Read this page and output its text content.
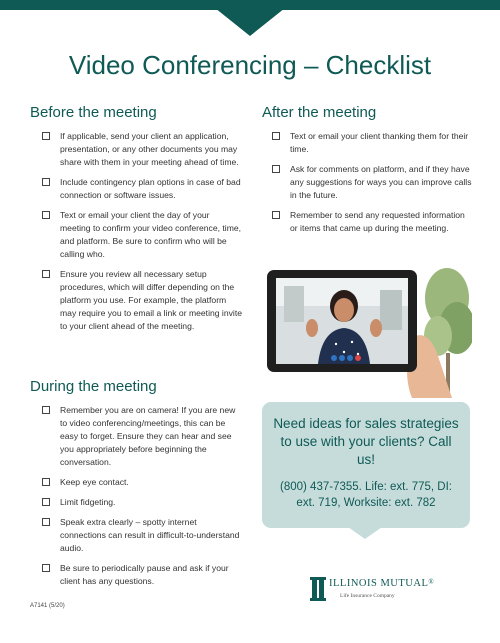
Video Conferencing – Checklist
Before the meeting
If applicable, send your client an application, presentation, or any other documents you may share with them in your meeting ahead of time.
Include contingency plan options in case of bad connection or software issues.
Text or email your client the day of your meeting to confirm your video conference, time, and platform. Be sure to confirm who will be calling who.
Ensure you review all necessary setup procedures, which will differ depending on the platform you use. For example, the platform may require you to email a link or meeting invite to your client ahead of the meeting.
During the meeting
Remember you are on camera! If you are new to video conferencing/meetings, this can be easy to forget. Ensure they can hear and see you appropriately before beginning the conversation.
Keep eye contact.
Limit fidgeting.
Speak extra clearly – spotty internet connections can result in difficult-to-understand audio.
Be sure to periodically pause and ask if your client has any questions.
After the meeting
Text or email your client thanking them for their time.
Ask for comments on platform, and if they have any suggestions for ways you can improve calls in the future.
Remember to send any requested information or items that came up during the meeting.
Need ideas for sales strategies to use with your clients? Call us!
(800) 437-7355. Life: ext. 775, DI: ext. 719, Worksite: ext. 782
ILLINOIS MUTUAL®
Life Insurance Company
A7141 (5/20)
